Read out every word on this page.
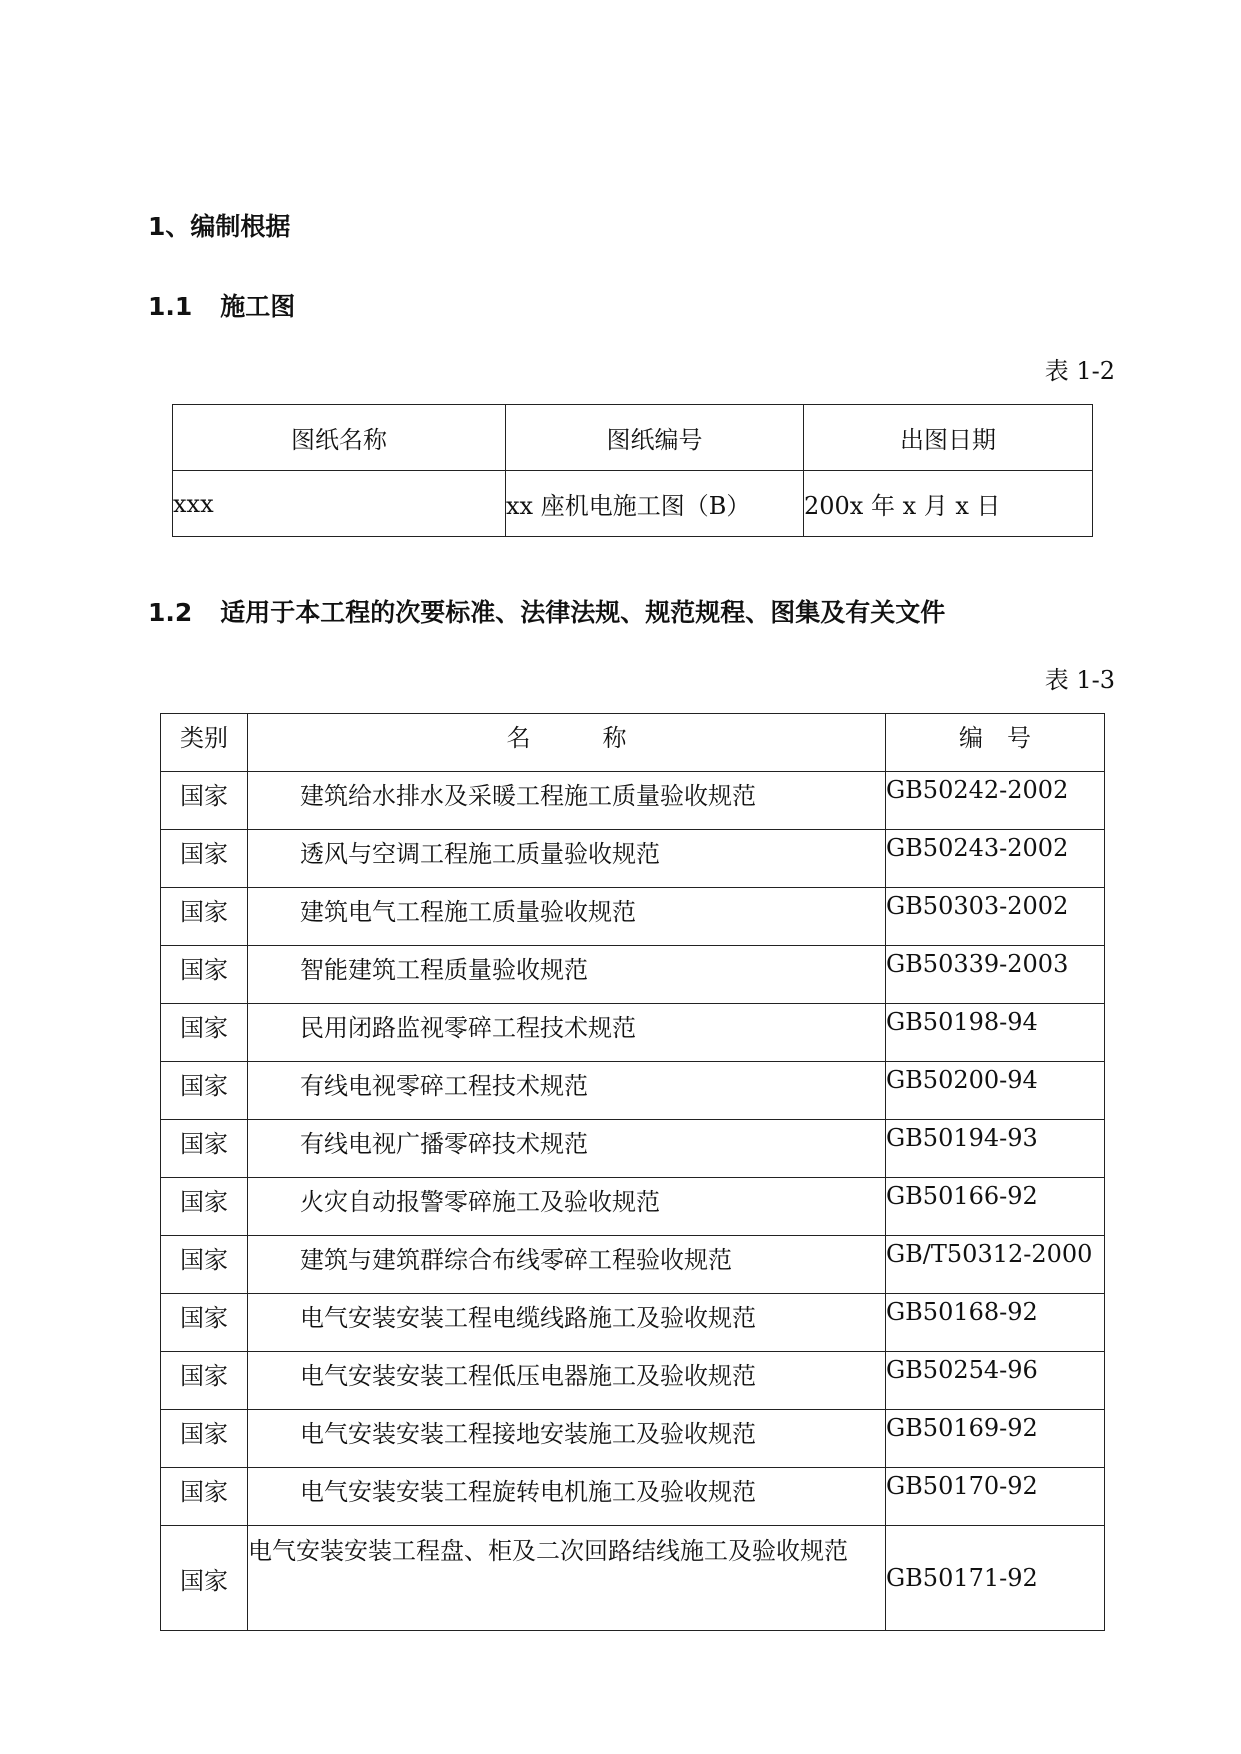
1、编制根据
1.1 施工图
表 1-2
图纸名称	图纸编号	出图日期
xxx	xx 座机电施工图（B）	200x 年 x 月 x 日
1.2 适用于本工程的次要标准、法律法规、规范规程、图集及有关文件
表 1-3
类别	名　　　称	编　号
国家	建筑给水排水及采暖工程施工质量验收规范	GB50242-2002
国家	透风与空调工程施工质量验收规范	GB50243-2002
国家	建筑电气工程施工质量验收规范	GB50303-2002
国家	智能建筑工程质量验收规范	GB50339-2003
国家	民用闭路监视零碎工程技术规范	GB50198-94
国家	有线电视零碎工程技术规范	GB50200-94
国家	有线电视广播零碎技术规范	GB50194-93
国家	火灾自动报警零碎施工及验收规范	GB50166-92
国家	建筑与建筑群综合布线零碎工程验收规范	GB/T50312-2000
国家	电气安装安装工程电缆线路施工及验收规范	GB50168-92
国家	电气安装安装工程低压电器施工及验收规范	GB50254-96
国家	电气安装安装工程接地安装施工及验收规范	GB50169-92
国家	电气安装安装工程旋转电机施工及验收规范	GB50170-92
国家	电气安装安装工程盘、柜及二次回路结线施工及验收规范	GB50171-92
